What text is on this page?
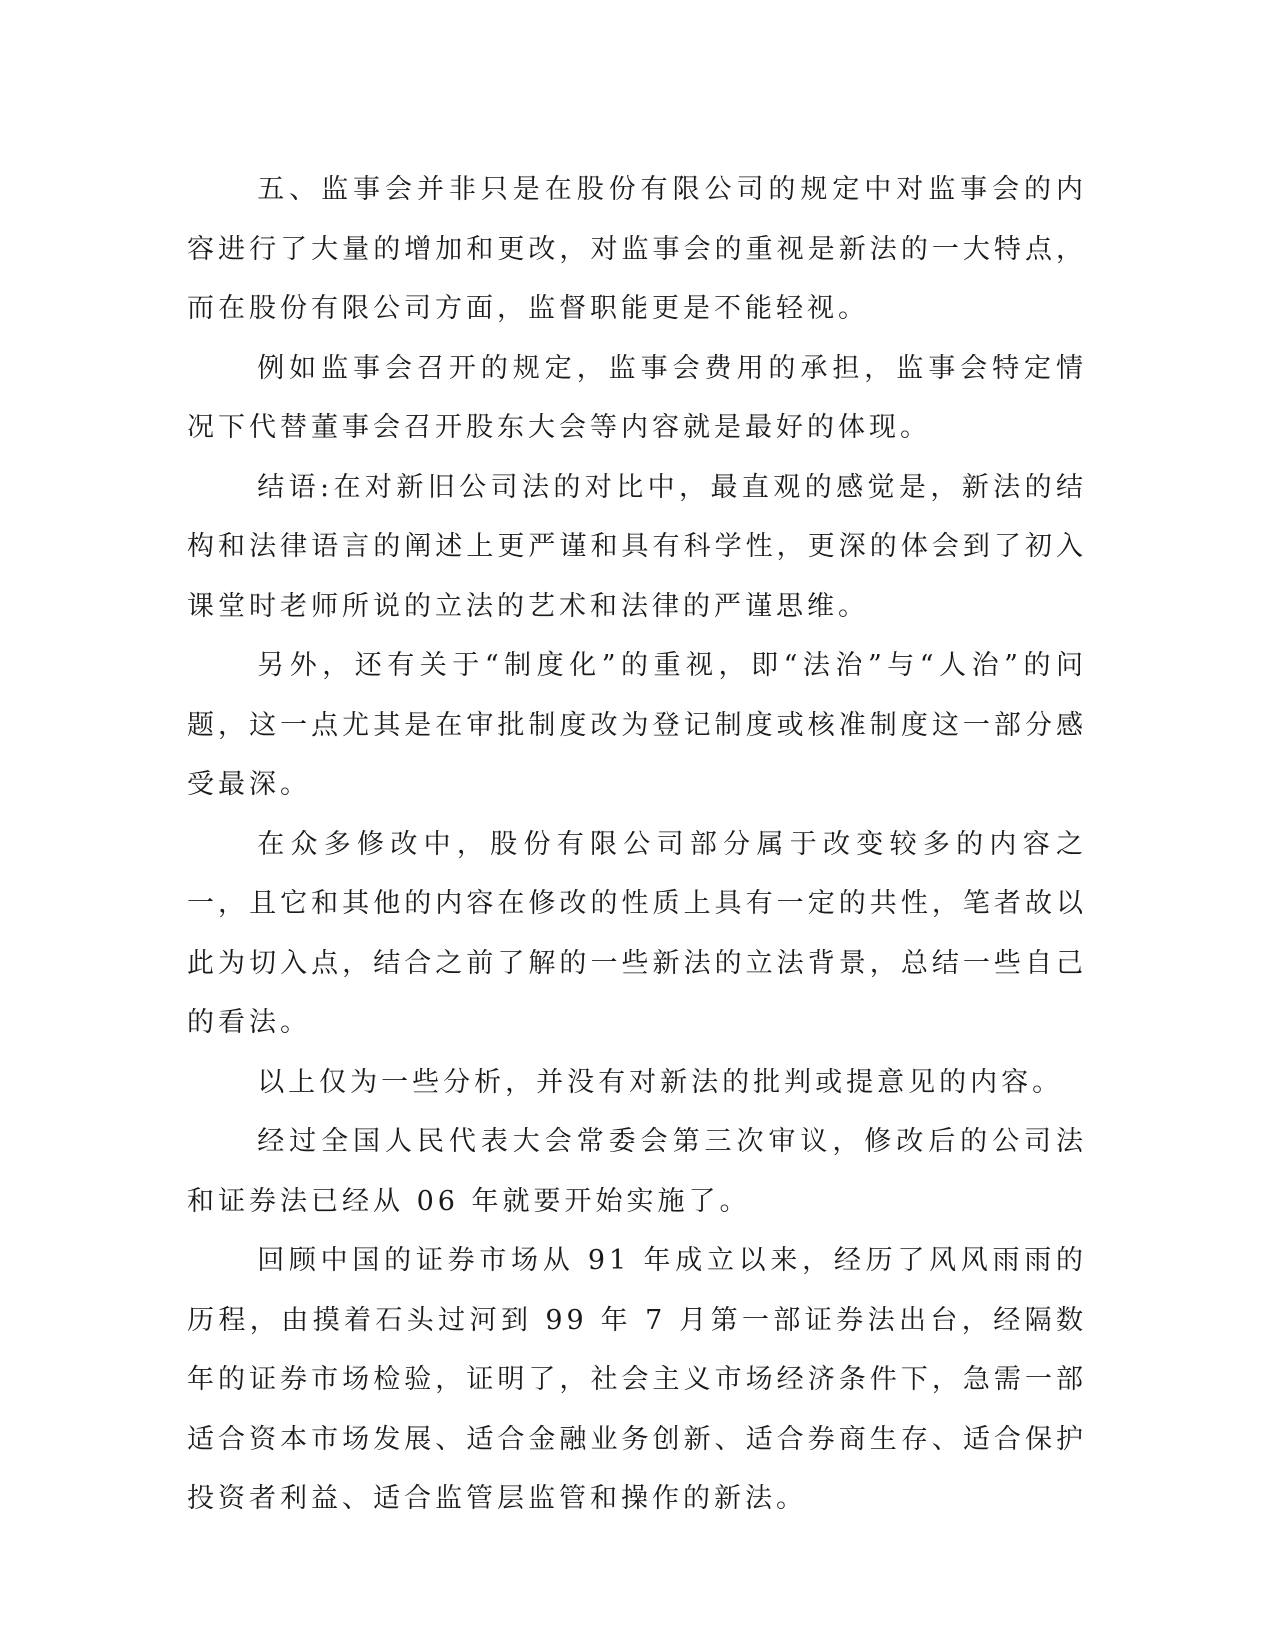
五、监事会并非只是在股份有限公司的规定中对监事会的内容进行了大量的增加和更改，对监事会的重视是新法的一大特点，而在股份有限公司方面，监督职能更是不能轻视。

例如监事会召开的规定，监事会费用的承担，监事会特定情况下代替董事会召开股东大会等内容就是最好的体现。

结语:在对新旧公司法的对比中，最直观的感觉是，新法的结构和法律语言的阐述上更严谨和具有科学性，更深的体会到了初入课堂时老师所说的立法的艺术和法律的严谨思维。

另外，还有关于“制度化”的重视，即“法治”与“人治”的问题，这一点尤其是在审批制度改为登记制度或核准制度这一部分感受最深。

在众多修改中，股份有限公司部分属于改变较多的内容之一，且它和其他的内容在修改的性质上具有一定的共性，笔者故以此为切入点，结合之前了解的一些新法的立法背景，总结一些自己的看法。

以上仅为一些分析，并没有对新法的批判或提意见的内容。

经过全国人民代表大会常委会第三次审议，修改后的公司法和证券法已经从 06 年就要开始实施了。

回顾中国的证券市场从 91 年成立以来，经历了风风雨雨的历程，由摸着石头过河到 99 年 7 月第一部证券法出台，经隔数年的证券市场检验，证明了，社会主义市场经济条件下，急需一部适合资本市场发展、适合金融业务创新、适合券商生存、适合保护投资者利益、适合监管层监管和操作的新法。
